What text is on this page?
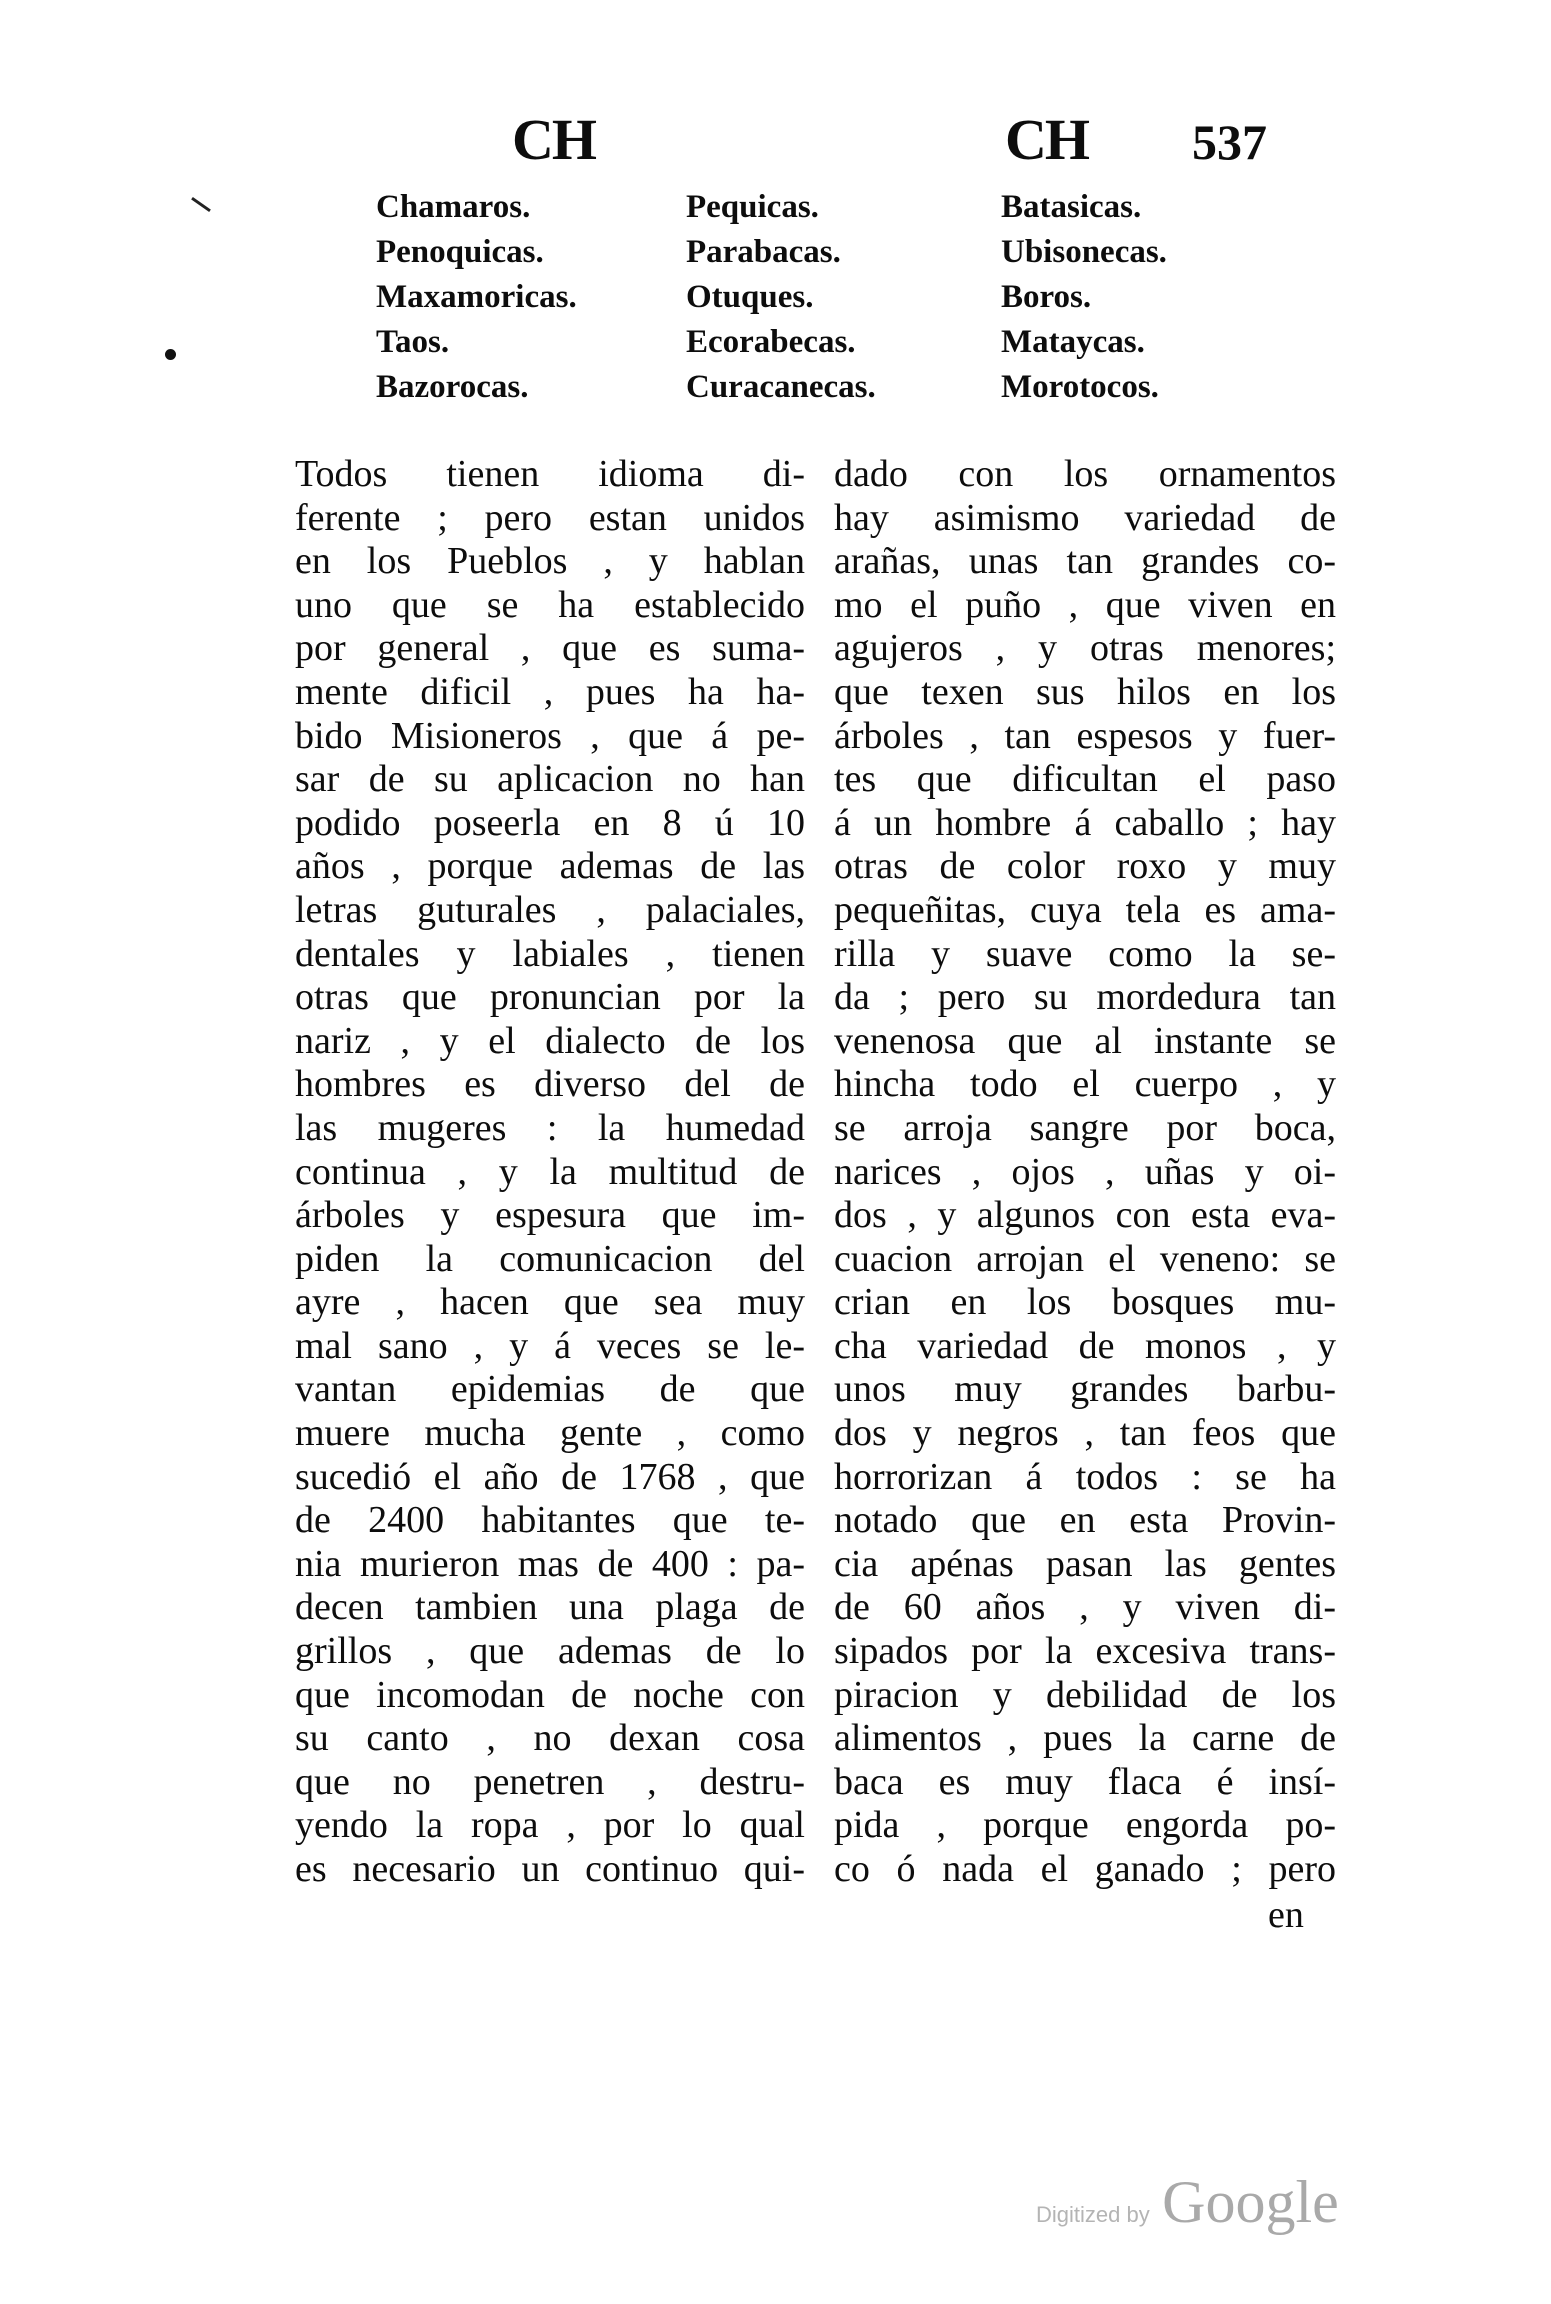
CH	CH 537
Chamaros.	Pequicas.	Batasicas.
Penoquicas.	Parabacas.	Ubisonecas.
Maxamoricas.	Otuques.	Boros.
Taos.	Ecorabecas.	Mataycas.
Bazorocas.	Curacanecas.	Morotocos.
Todos tienen idioma di-
ferente ; pero estan unidos
en los Pueblos , y hablan
uno que se ha establecido
por general , que es suma-
mente dificil , pues ha ha-
bido Misioneros , que á pe-
sar de su aplicacion no han
podido poseerla en 8 ú 10
años , porque ademas de las
letras guturales , palaciales,
dentales y labiales , tienen
otras que pronuncian por la
nariz , y el dialecto de los
hombres es diverso del de
las mugeres : la humedad
continua , y la multitud de
árboles y espesura que im-
piden la comunicacion del
ayre , hacen que sea muy
mal sano , y á veces se le-
vantan epidemias de que
muere mucha gente , como
sucedió el año de 1768 , que
de 2400 habitantes que te-
nia murieron mas de 400 : pa-
decen tambien una plaga de
grillos , que ademas de lo
que incomodan de noche con
su canto , no dexan cosa
que no penetren , destru-
yendo la ropa , por lo qual
es necesario un continuo qui-
dado con los ornamentos
hay asimismo variedad de
arañas, unas tan grandes co-
mo el puño , que viven en
agujeros , y otras menores;
que texen sus hilos en los
árboles , tan espesos y fuer-
tes que dificultan el paso
á un hombre á caballo ; hay
otras de color roxo y muy
pequeñitas, cuya tela es ama-
rilla y suave como la se-
da ; pero su mordedura tan
venenosa que al instante se
hincha todo el cuerpo , y
se arroja sangre por boca,
narices , ojos , uñas y oi-
dos , y algunos con esta eva-
cuacion arrojan el veneno: se
crian en los bosques mu-
cha variedad de monos , y
unos muy grandes barbu-
dos y negros , tan feos que
horrorizan á todos : se ha
notado que en esta Provin-
cia apénas pasan las gentes
de 60 años , y viven di-
sipados por la excesiva trans-
piracion y debilidad de los
alimentos , pues la carne de
baca es muy flaca é insí-
pida , porque engorda po-
co ó nada el ganado ; pero
en
Digitized by Google
